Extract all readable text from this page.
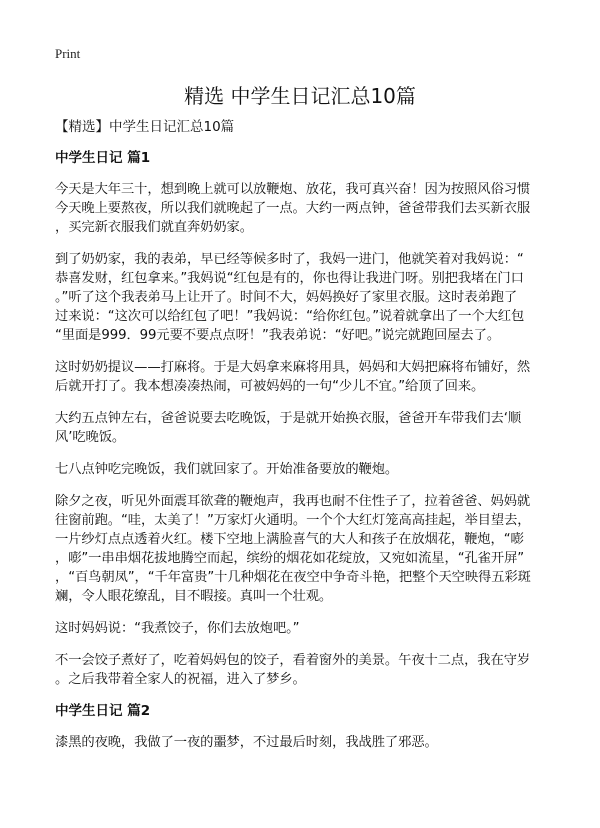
Print
精选 中学生日记汇总10篇
【精选】中学生日记汇总10篇
中学生日记 篇1
今天是大年三十，想到晚上就可以放鞭炮、放花，我可真兴奋！因为按照风俗习惯
今天晚上要熬夜，所以我们就晚起了一点。大约一两点钟，爸爸带我们去买新衣服
，买完新衣服我们就直奔奶奶家。
到了奶奶家，我的表弟，早已经等候多时了，我妈一进门，他就笑着对我妈说：“
恭喜发财，红包拿来。”我妈说“红包是有的，你也得让我进门呀。别把我堵在门口
。”听了这个我表弟马上让开了。时间不大，妈妈换好了家里衣服。这时表弟跑了
过来说：“这次可以给红包了吧！”我妈说：“给你红包。”说着就拿出了一个大红包
“里面是999．99元要不要点点呀！”我表弟说：“好吧。”说完就跑回屋去了。
这时奶奶提议——打麻将。于是大妈拿来麻将用具，妈妈和大妈把麻将布铺好，然
后就开打了。我本想凑凑热闹，可被妈妈的一句“少儿不宜。”给顶了回来。
大约五点钟左右，爸爸说要去吃晚饭，于是就开始换衣服，爸爸开车带我们去‘顺
风’吃晚饭。
七八点钟吃完晚饭，我们就回家了。开始准备要放的鞭炮。
除夕之夜，听见外面震耳欲聋的鞭炮声，我再也耐不住性子了，拉着爸爸、妈妈就
往窗前跑。“哇，太美了！”万家灯火通明。一个个大红灯笼高高挂起，举目望去，
一片纱灯点点透着火红。楼下空地上满脸喜气的大人和孩子在放烟花，鞭炮，“嘭
，嘭”一串串烟花拔地腾空而起，缤纷的烟花如花绽放，又宛如流星，“孔雀开屏”
，“百鸟朝凤”，“千年富贵”十几种烟花在夜空中争奇斗艳，把整个天空映得五彩斑
斓，令人眼花缭乱，目不暇接。真叫一个壮观。
这时妈妈说：“我煮饺子，你们去放炮吧。”
不一会饺子煮好了，吃着妈妈包的饺子，看着窗外的美景。午夜十二点，我在守岁
。之后我带着全家人的祝福，进入了梦乡。
中学生日记 篇2
漆黑的夜晚，我做了一夜的噩梦，不过最后时刻，我战胜了邪恶。
